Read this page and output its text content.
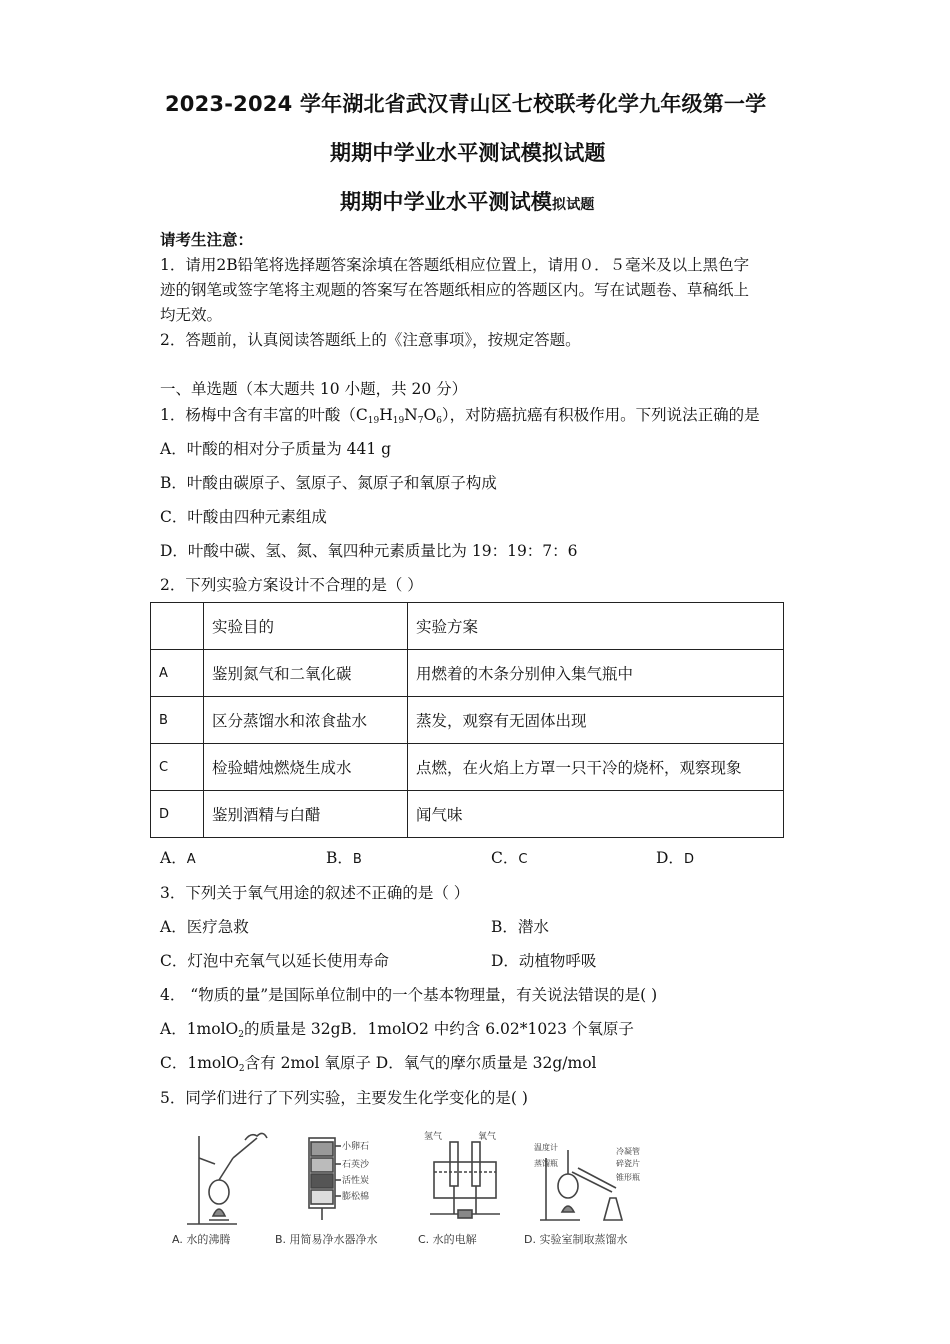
2023-2024 学年湖北省武汉青山区七校联考化学九年级第一学
期期中学业水平测试模拟试题
期期中学业水平测试模拟试题
请考生注意：
1．请用2B铅笔将选择题答案涂填在答题纸相应位置上，请用０．５毫米及以上黑色字
迹的钢笔或签字笔将主观题的答案写在答题纸相应的答题区内。写在试题卷、草稿纸上
均无效。
2．答题前，认真阅读答题纸上的《注意事项》，按规定答题。
一、单选题（本大题共 10 小题，共 20 分）
1．杨梅中含有丰富的叶酸$(C_{19}H_{19}N_7O_6)$，对防癌抗癌有积极作用。下列说法正确的是
A．叶酸的相对分子质量为 441 g
B．叶酸由碳原子、氢原子、氮原子和氧原子构成
C．叶酸由四种元素组成
D．叶酸中碳、氢、氮、氧四种元素质量比为 19：19：7：6
2．下列实验方案设计不合理的是（ ）
	实验目的	实验方案
A	鉴别氮气和二氧化碳	用燃着的木条分别伸入集气瓶中
B	区分蒸馏水和浓食盐水	蒸发，观察有无固体出现
C	检验蜡烛燃烧生成水	点燃，在火焰上方罩一只干冷的烧杯，观察现象
D	鉴别酒精与白醋	闻气味
A．A	B．B	C．C	D．D
3．下列关于氧气用途的叙述不正确的是（ ）
A．医疗急救	B．潜水
C．灯泡中充氧气以延长使用寿命	D．动植物呼吸
4． “物质的量”是国际单位制中的一个基本物理量，有关说法错误的是( )
A．1molO$_2$的质量是 32gB．1molO2 中约含 6.02*1023 个氧原子
C．1molO$_2$含有 2mol 氧原子 D．氧气的摩尔质量是 32g/mol
5．同学们进行了下列实验，主要发生化学变化的是( )
小卵石
石英沙
活性炭
膨松棉
氢气	氧气
温度计
蒸馏瓶
冷凝管
碎瓷片
锥形瓶
A. 水的沸腾	B. 用简易净水器净水	C. 水的电解	D. 实验室制取蒸馏水
